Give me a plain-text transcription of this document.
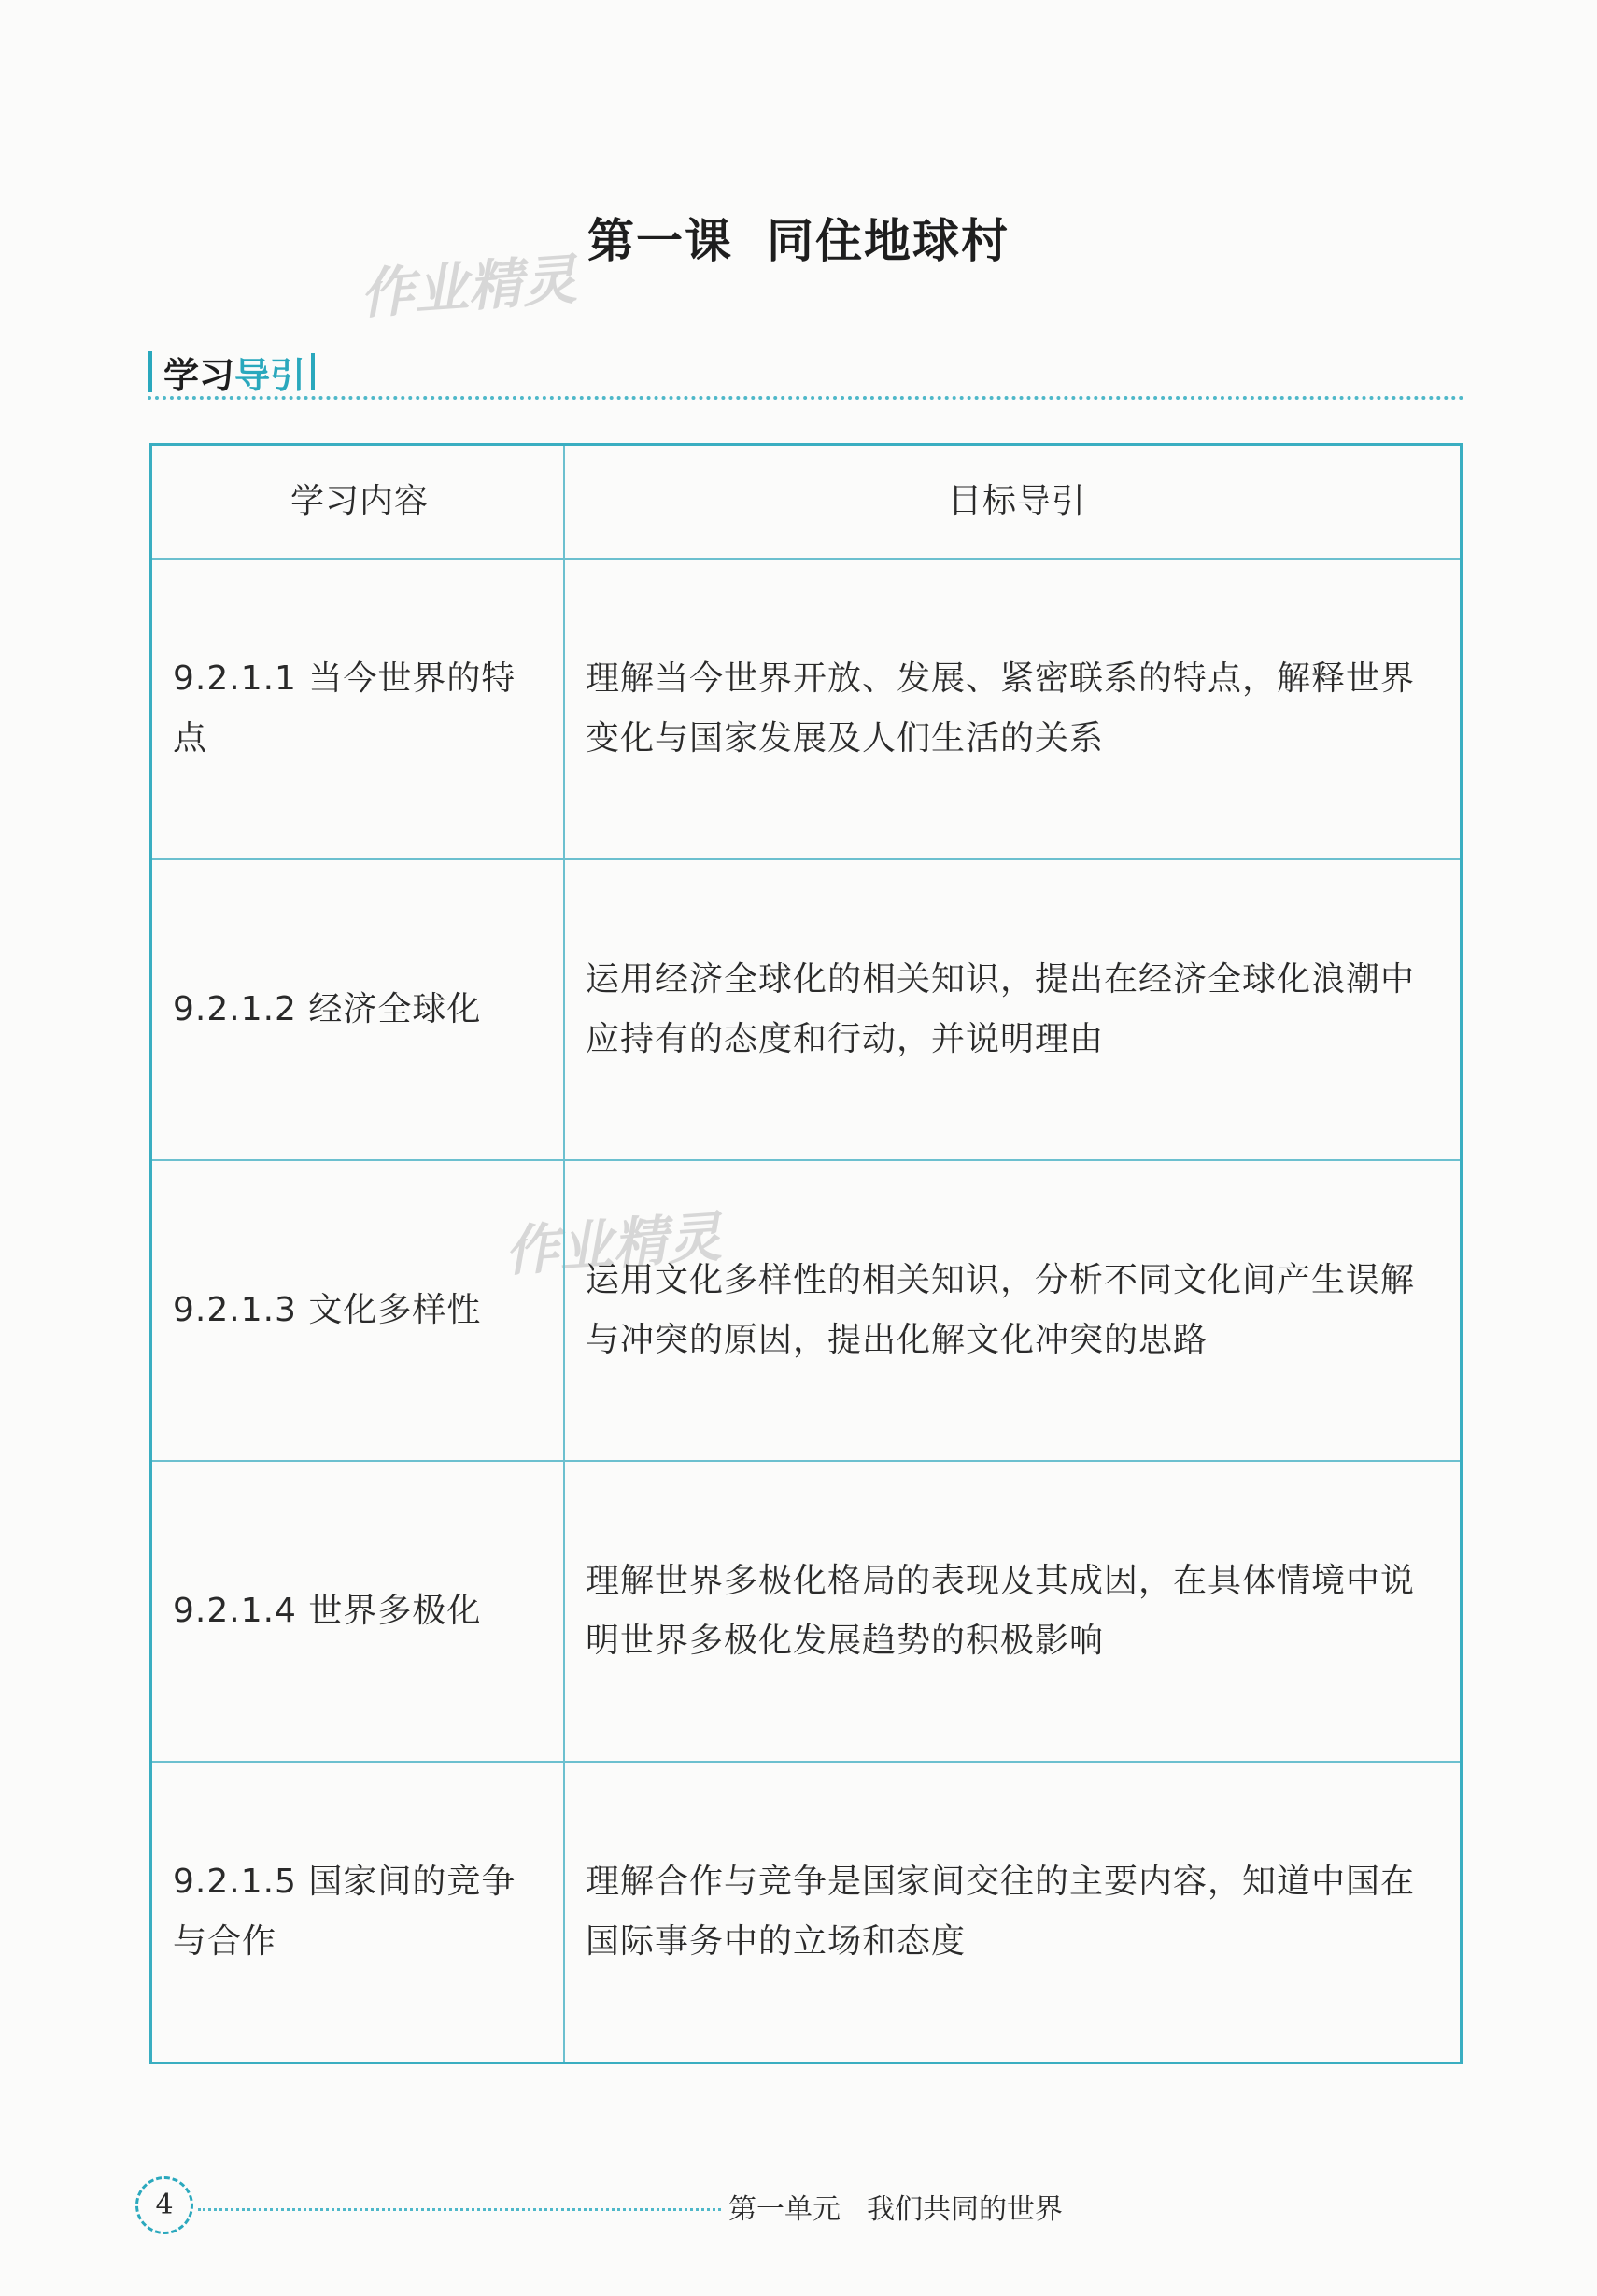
第一课 同住地球村
作业精灵
作业精灵
学习 导引
学习内容	目标导引
9.2.1.1 当今世界的特点	理解当今世界开放、发展、紧密联系的特点，解释世界变化与国家发展及人们生活的关系
9.2.1.2 经济全球化	运用经济全球化的相关知识，提出在经济全球化浪潮中应持有的态度和行动，并说明理由
9.2.1.3 文化多样性	运用文化多样性的相关知识，分析不同文化间产生误解与冲突的原因，提出化解文化冲突的思路
9.2.1.4 世界多极化	理解世界多极化格局的表现及其成因，在具体情境中说明世界多极化发展趋势的积极影响
9.2.1.5 国家间的竞争与合作	理解合作与竞争是国家间交往的主要内容，知道中国在国际事务中的立场和态度
4	第一单元 我们共同的世界
